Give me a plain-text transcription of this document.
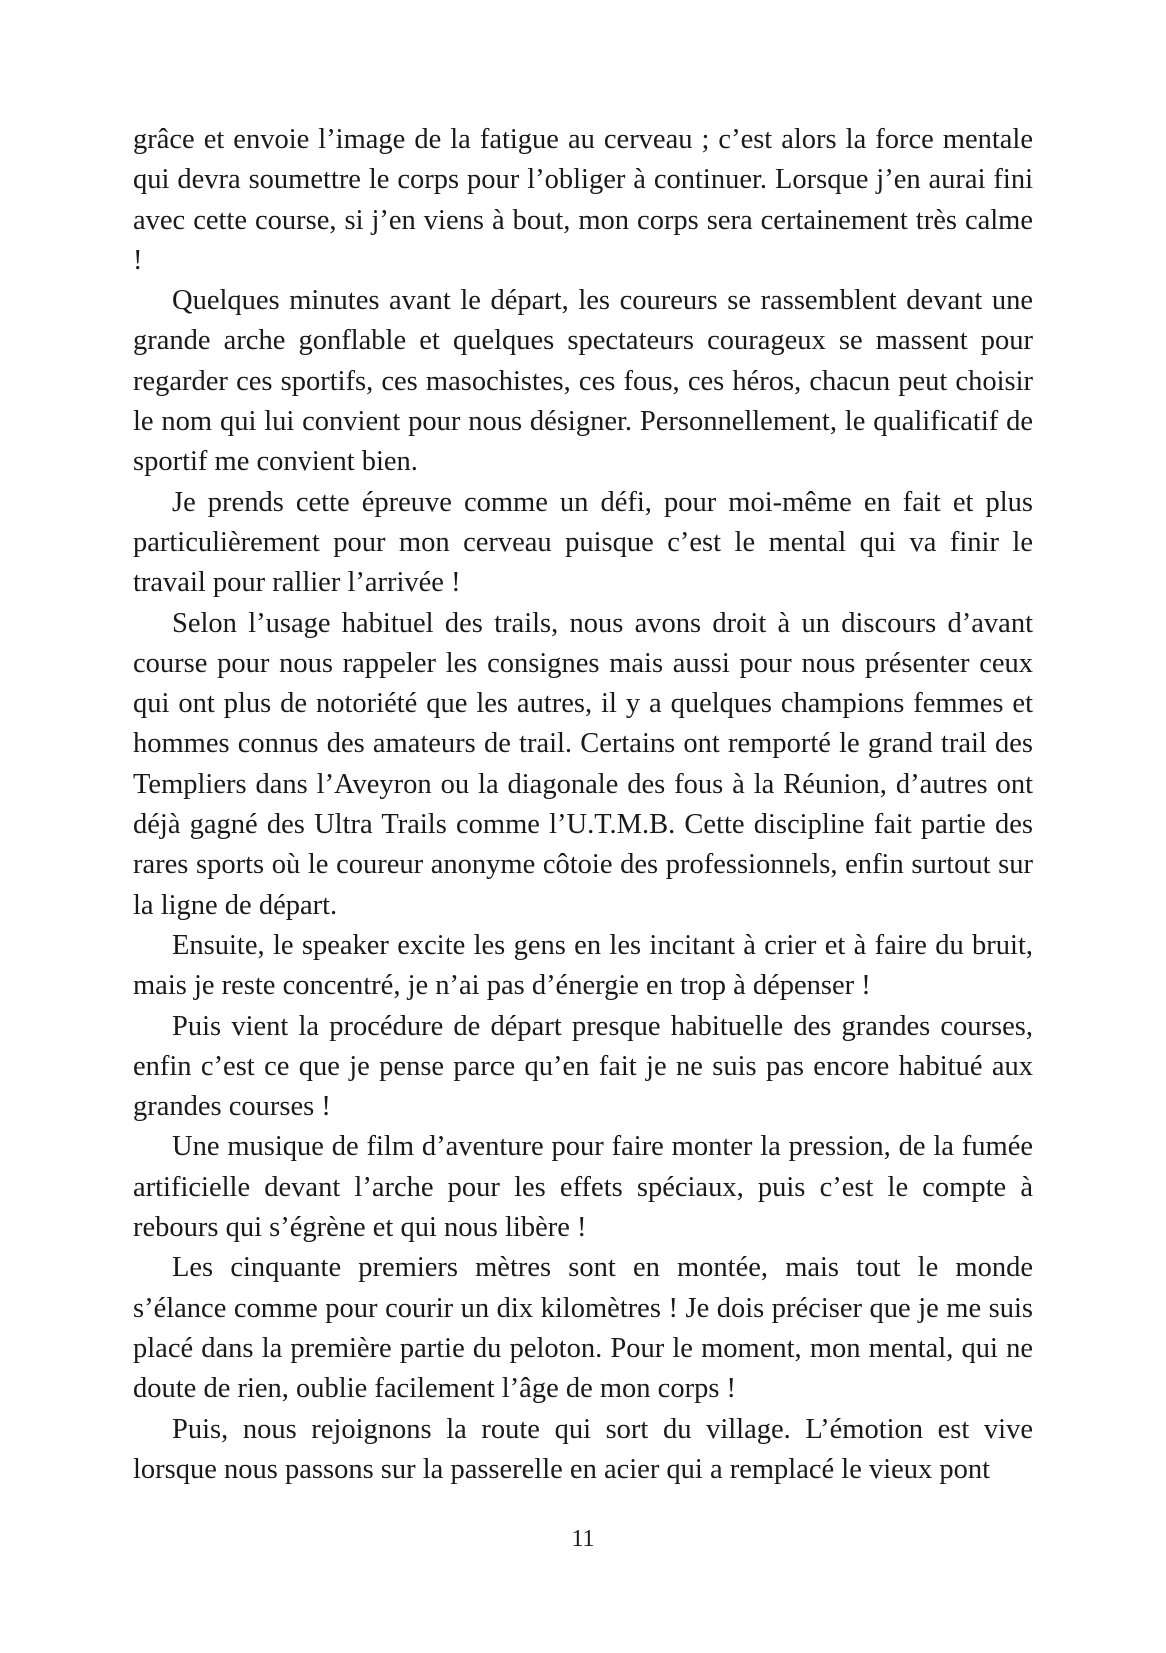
grâce et envoie l’image de la fatigue au cerveau ; c’est alors la force mentale qui devra soumettre le corps pour l’obliger à continuer. Lorsque j’en aurai fini avec cette course, si j’en viens à bout, mon corps sera certainement très calme !

Quelques minutes avant le départ, les coureurs se rassemblent devant une grande arche gonflable et quelques spectateurs courageux se massent pour regarder ces sportifs, ces masochistes, ces fous, ces héros, chacun peut choisir le nom qui lui convient pour nous désigner. Personnellement, le qualificatif de sportif me convient bien.

Je prends cette épreuve comme un défi, pour moi-même en fait et plus particulièrement pour mon cerveau puisque c’est le mental qui va finir le travail pour rallier l’arrivée !

Selon l’usage habituel des trails, nous avons droit à un discours d’avant course pour nous rappeler les consignes mais aussi pour nous présenter ceux qui ont plus de notoriété que les autres, il y a quelques champions femmes et hommes connus des amateurs de trail. Certains ont remporté le grand trail des Templiers dans l’Aveyron ou la diagonale des fous à la Réunion, d’autres ont déjà gagné des Ultra Trails comme l’U.T.M.B. Cette discipline fait partie des rares sports où le coureur anonyme côtoie des professionnels, enfin surtout sur la ligne de départ.

Ensuite, le speaker excite les gens en les incitant à crier et à faire du bruit, mais je reste concentré, je n’ai pas d’énergie en trop à dépenser !

Puis vient la procédure de départ presque habituelle des grandes courses, enfin c’est ce que je pense parce qu’en fait je ne suis pas encore habitué aux grandes courses !

Une musique de film d’aventure pour faire monter la pression, de la fumée artificielle devant l’arche pour les effets spéciaux, puis c’est le compte à rebours qui s’égrène et qui nous libère !

Les cinquante premiers mètres sont en montée, mais tout le monde s’élance comme pour courir un dix kilomètres ! Je dois préciser que je me suis placé dans la première partie du peloton. Pour le moment, mon mental, qui ne doute de rien, oublie facilement l’âge de mon corps !

Puis, nous rejoignons la route qui sort du village. L’émotion est vive lorsque nous passons sur la passerelle en acier qui a remplacé le vieux pont

11
